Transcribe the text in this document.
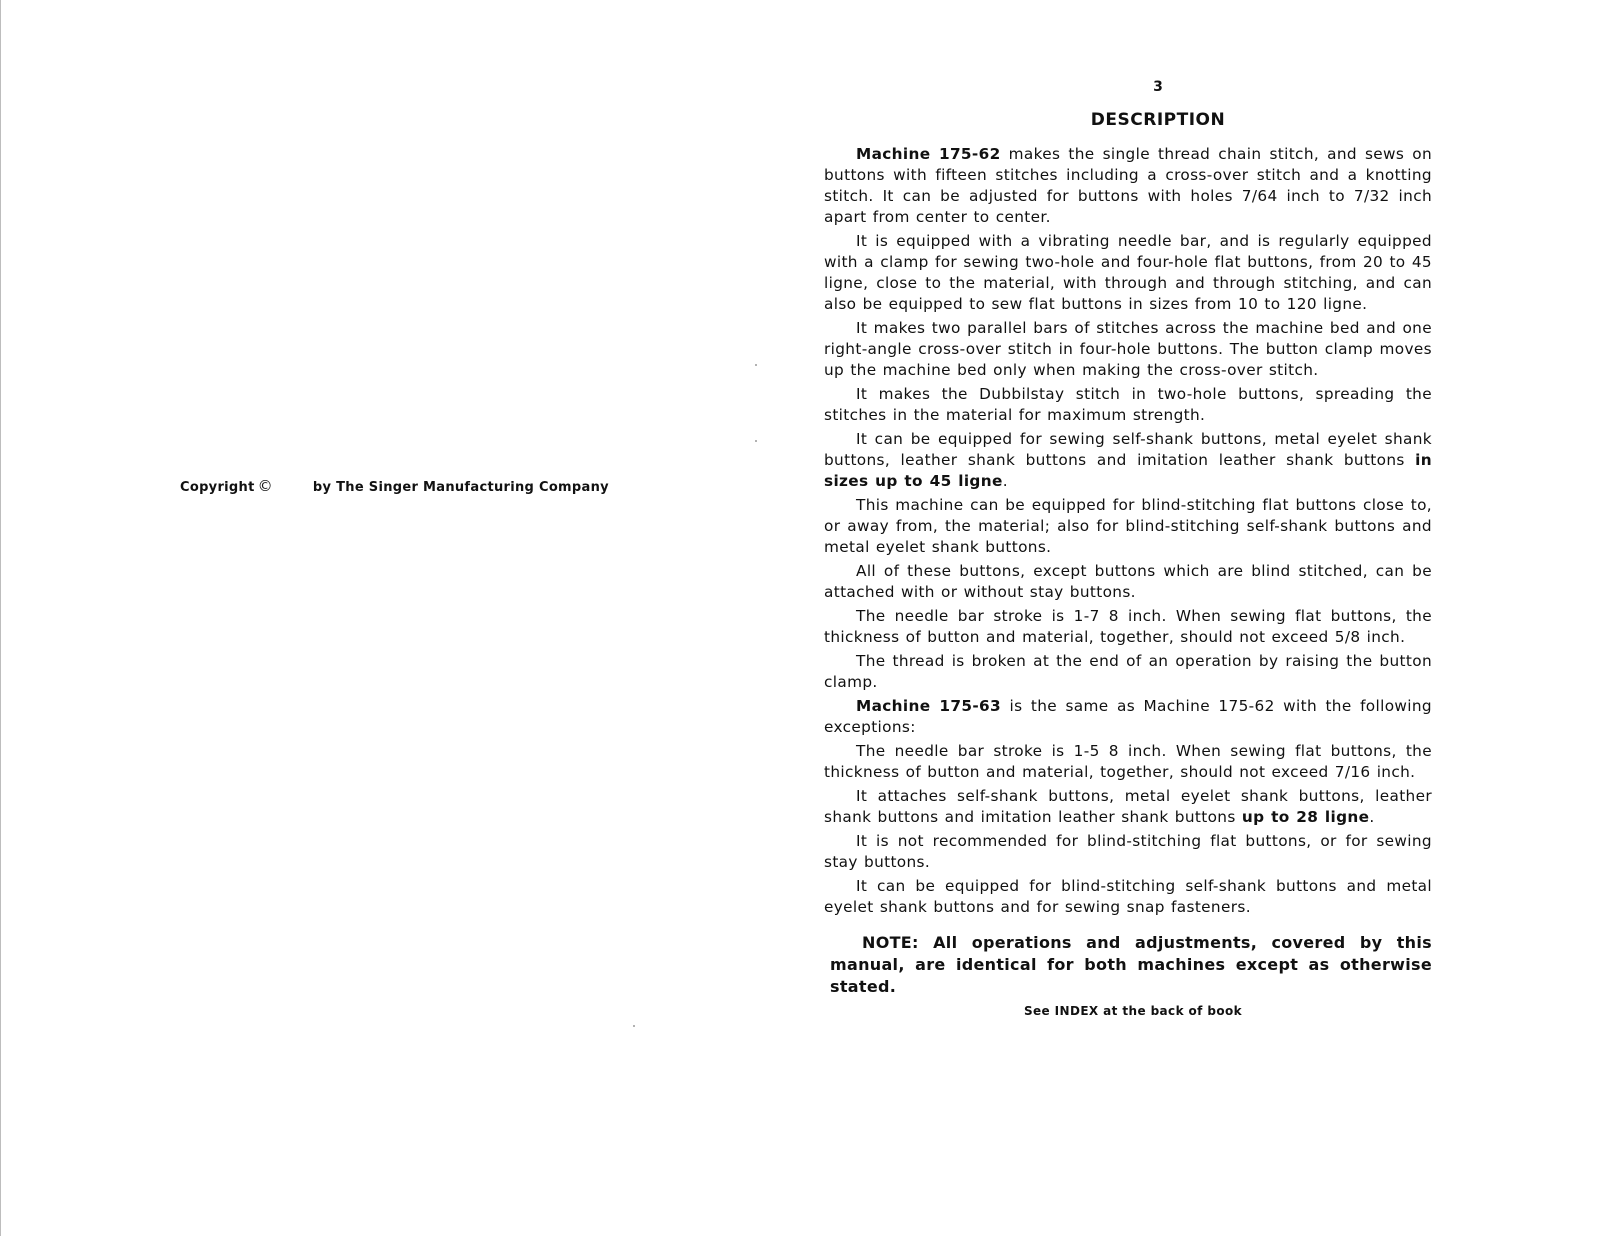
Copyright ©	by The Singer Manufacturing Company
3
DESCRIPTION

Machine 175-62 makes the single thread chain stitch, and sews on buttons with fifteen stitches including a cross-over stitch and a knotting stitch. It can be adjusted for buttons with holes 7/64 inch to 7/32 inch apart from center to center.

It is equipped with a vibrating needle bar, and is regularly equipped with a clamp for sewing two-hole and four-hole flat buttons, from 20 to 45 ligne, close to the material, with through and through stitching, and can also be equipped to sew flat buttons in sizes from 10 to 120 ligne.

It makes two parallel bars of stitches across the machine bed and one right-angle cross-over stitch in four-hole buttons. The button clamp moves up the machine bed only when making the cross-over stitch.

It makes the Dubbilstay stitch in two-hole buttons, spreading the stitches in the material for maximum strength.

It can be equipped for sewing self-shank buttons, metal eyelet shank buttons, leather shank buttons and imitation leather shank buttons in sizes up to 45 ligne.

This machine can be equipped for blind-stitching flat buttons close to, or away from, the material; also for blind-stitching self-shank buttons and metal eyelet shank buttons.

All of these buttons, except buttons which are blind stitched, can be attached with or without stay buttons.

The needle bar stroke is 1-7 8 inch. When sewing flat buttons, the thickness of button and material, together, should not exceed 5/8 inch.

The thread is broken at the end of an operation by raising the button clamp.

Machine 175-63 is the same as Machine 175-62 with the following exceptions:

The needle bar stroke is 1-5 8 inch. When sewing flat buttons, the thickness of button and material, together, should not exceed 7/16 inch.

It attaches self-shank buttons, metal eyelet shank buttons, leather shank buttons and imitation leather shank buttons up to 28 ligne.

It is not recommended for blind-stitching flat buttons, or for sewing stay buttons.

It can be equipped for blind-stitching self-shank buttons and metal eyelet shank buttons and for sewing snap fasteners.

NOTE: All operations and adjustments, covered by this manual, are identical for both machines except as otherwise stated.

See INDEX at the back of book
